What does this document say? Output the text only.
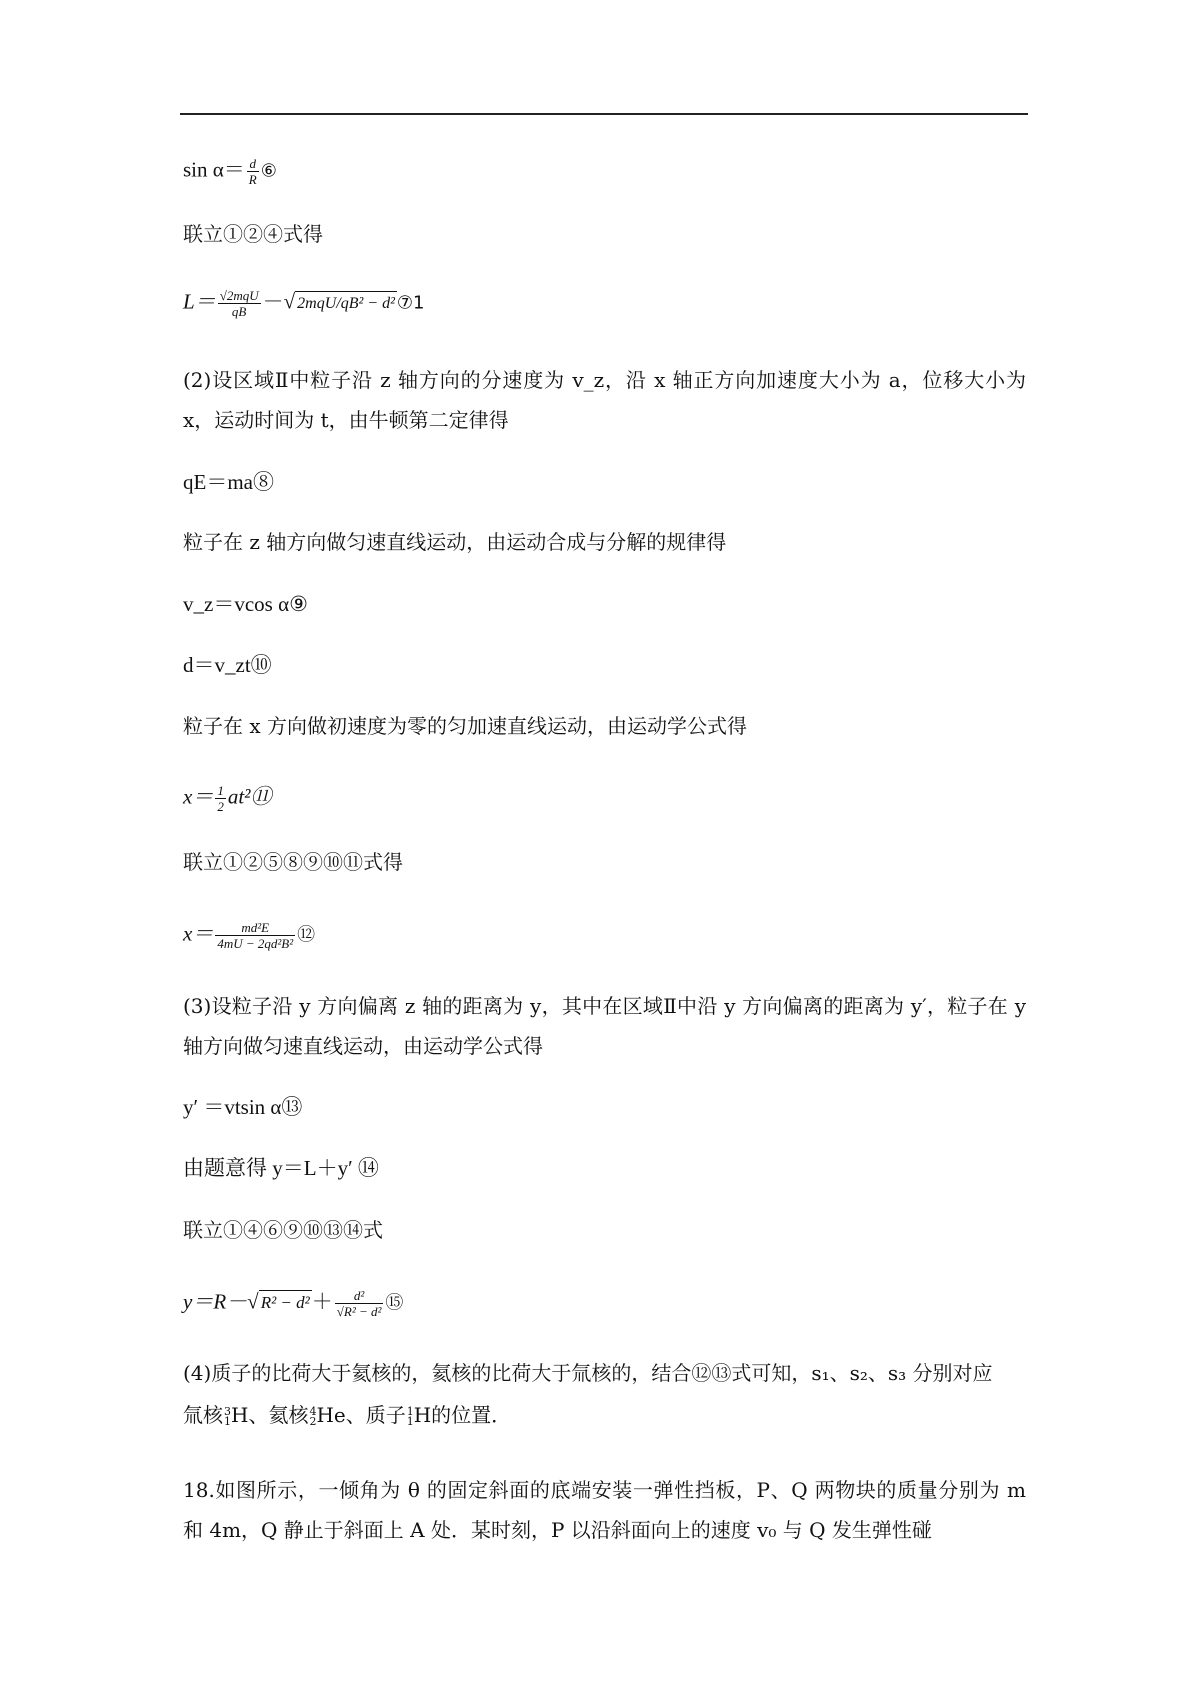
$\sin \alpha= \frac{d}{R}$ ⑥
联立①②④式得
$L= \frac{\text{√2mqU}}{qB}$ －√ 2mqU/qB² − d² ⑦1
(2)设区域Ⅱ中粒子沿 z 轴方向的分速度为 v_z，沿 x 轴正方向加速度大小为 a，位移大小为 x，运动时间为 t，由牛顿第二定律得
qE＝ma⑧
粒子在 z 轴方向做匀速直线运动，由运动合成与分解的规律得
v_z＝vcos α⑨
d＝v_zt⑩
粒子在 x 方向做初速度为零的匀加速直线运动，由运动学公式得
$x= \frac{1}{2}$ at²⑪
联立①②⑤⑧⑨⑩⑪式得
$x= \frac{\text{md²E}}{\text{4mU − 2qd²B²}}$ ⑫
(3)设粒子沿 y 方向偏离 z 轴的距离为 y，其中在区域Ⅱ中沿 y 方向偏离的距离为 y′，粒子在 y 轴方向做匀速直线运动，由运动学公式得
y′ ＝vtsin α⑬
由题意得 y＝L＋y′ ⑭
联立①④⑥⑨⑩⑬⑭式
y＝R－√ $R^2 - d^2+ \frac{\text{d²}}{\text{√R² − d²}}$ ⑮
(4)质子的比荷大于氦核的，氦核的比荷大于氚核的，结合⑫⑬式可知，s₁、s₂、s₃ 分别对应
氚核 3
1 H、氦核 4
2 He、质子 1
1 H的位置．
18.如图所示，一倾角为 θ 的固定斜面的底端安装一弹性挡板，P、Q 两物块的质量分别为 m 和 4m，Q 静止于斜面上 A 处．某时刻，P 以沿斜面向上的速度 v₀ 与 Q 发生弹性碰
